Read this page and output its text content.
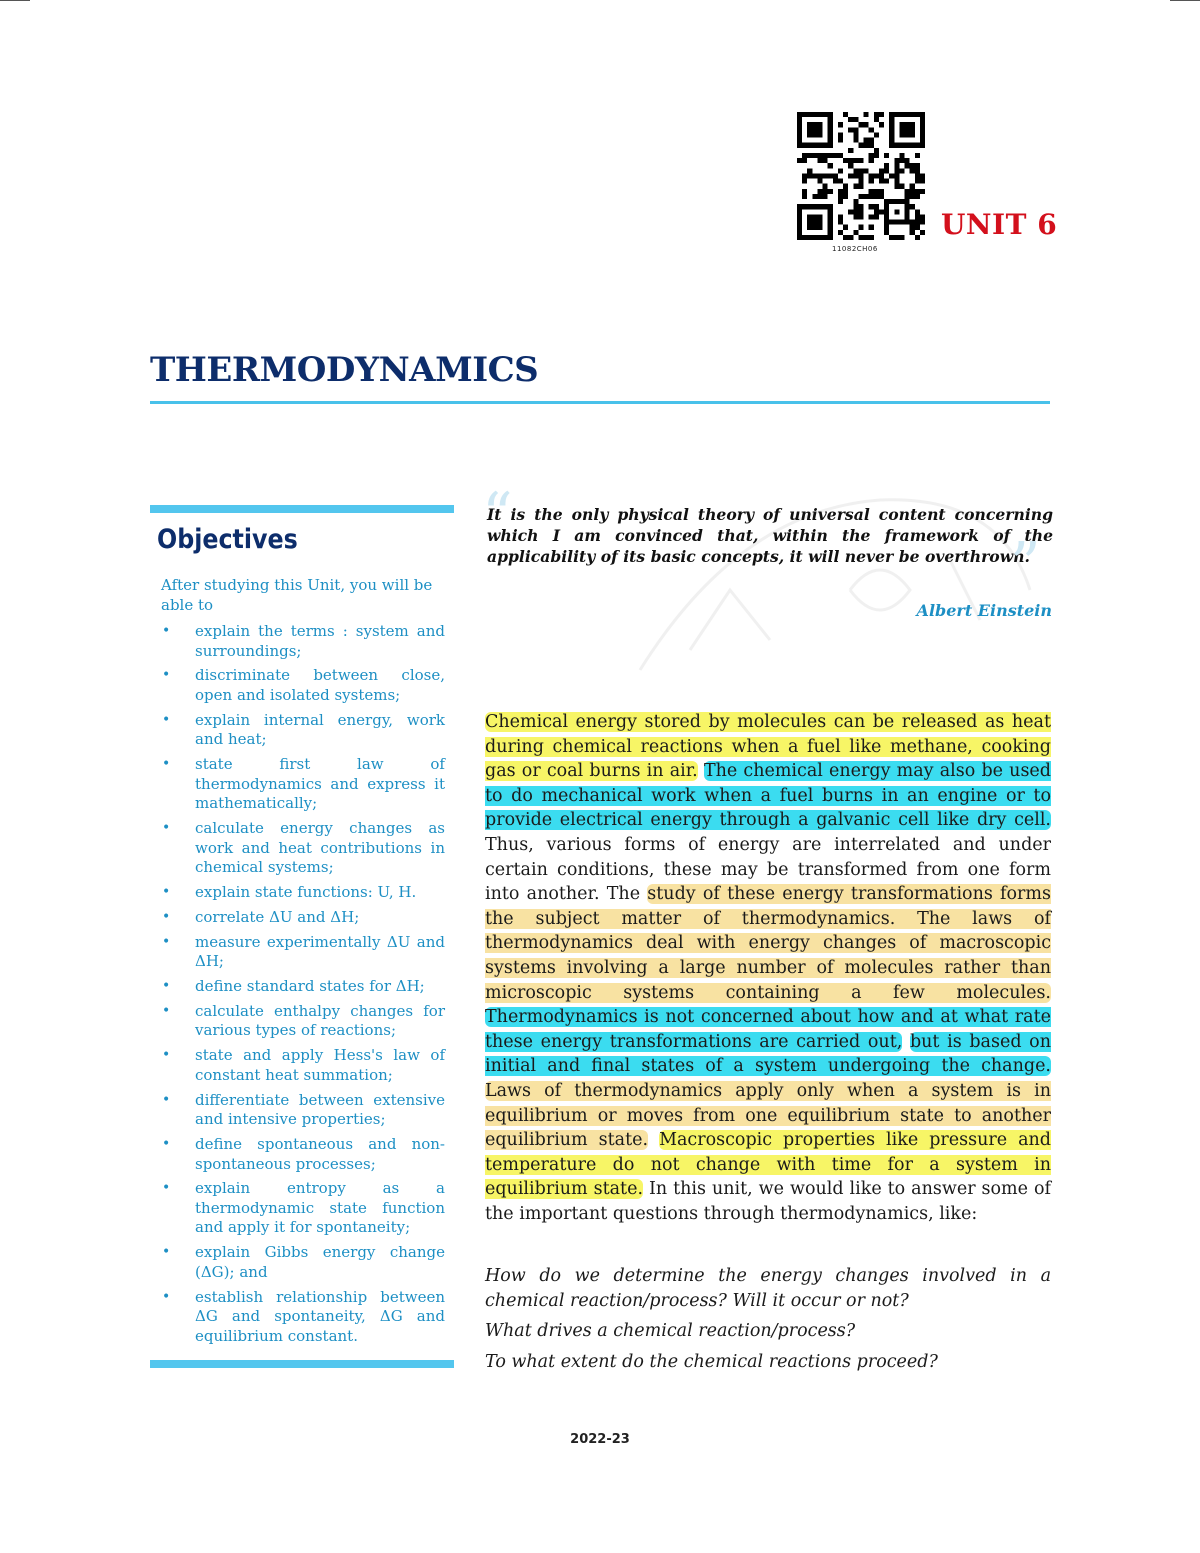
11082CH06
UNIT 6
THERMODYNAMICS
Objectives
After studying this Unit, you will be able to
• explain the terms : system and surroundings;
• discriminate between close, open and isolated systems;
• explain internal energy, work and heat;
• state first law of thermodynamics and express it mathematically;
• calculate energy changes as work and heat contributions in chemical systems;
• explain state functions: U, H.
• correlate ΔU and ΔH;
• measure experimentally ΔU and ΔH;
• define standard states for ΔH;
• calculate enthalpy changes for various types of reactions;
• state and apply Hess's law of constant heat summation;
• differentiate between extensive and intensive properties;
• define spontaneous and non-spontaneous processes;
• explain entropy as a thermodynamic state function and apply it for spontaneity;
• explain Gibbs energy change (ΔG); and
• establish relationship between ΔG and spontaneity, ΔG and equilibrium constant.
“
It is the only physical theory of universal content concerning which I am convinced that, within the framework of the applicability of its basic concepts, it will never be overthrown.
”
Albert Einstein
Chemical energy stored by molecules can be released as heat during chemical reactions when a fuel like methane, cooking gas or coal burns in air. The chemical energy may also be used to do mechanical work when a fuel burns in an engine or to provide electrical energy through a galvanic cell like dry cell. Thus, various forms of energy are interrelated and under certain conditions, these may be transformed from one form into another. The study of these energy transformations forms the subject matter of thermodynamics. The laws of thermodynamics deal with energy changes of macroscopic systems involving a large number of molecules rather than microscopic systems containing a few molecules. Thermodynamics is not concerned about how and at what rate these energy transformations are carried out, but is based on initial and final states of a system undergoing the change. Laws of thermodynamics apply only when a system is in equilibrium or moves from one equilibrium state to another equilibrium state. Macroscopic properties like pressure and temperature do not change with time for a system in equilibrium state. In this unit, we would like to answer some of the important questions through thermodynamics, like:

How do we determine the energy changes involved in a chemical reaction/process? Will it occur or not?

What drives a chemical reaction/process?

To what extent do the chemical reactions proceed?

2022-23
